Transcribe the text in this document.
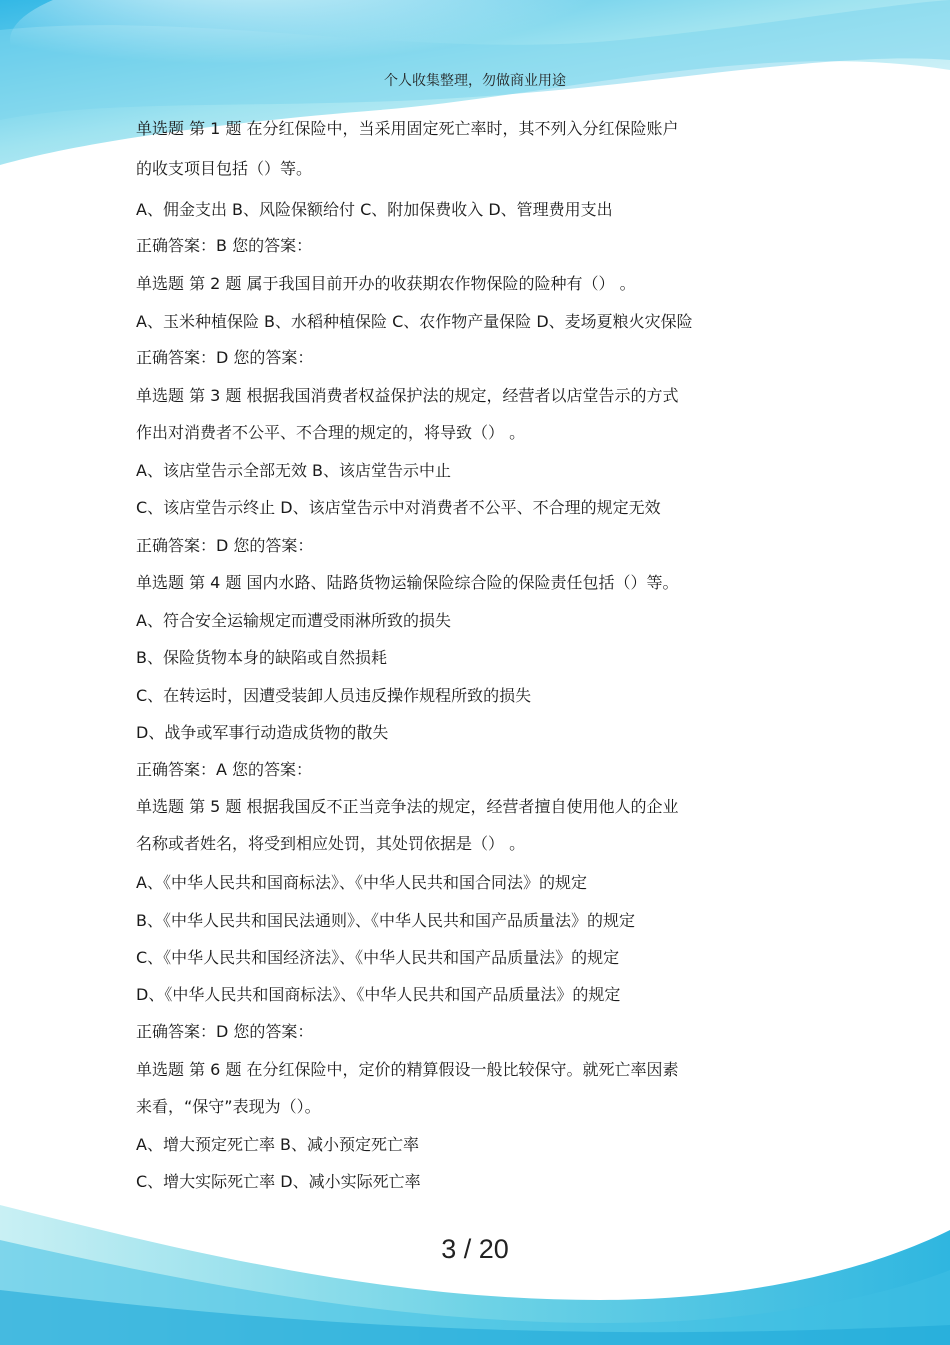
个人收集整理，勿做商业用途
单选题 第 1 题 在分红保险中，当采用固定死亡率时，其不列入分红保险账户
的收支项目包括（）等。
A、佣金支出 B、风险保额给付 C、附加保费收入 D、管理费用支出
正确答案：B 您的答案：
单选题 第 2 题 属于我国目前开办的收获期农作物保险的险种有（） 。
A、玉米种植保险 B、水稻种植保险 C、农作物产量保险 D、麦场夏粮火灾保险
正确答案：D 您的答案：
单选题 第 3 题 根据我国消费者权益保护法的规定，经营者以店堂告示的方式
作出对消费者不公平、不合理的规定的，将导致（） 。
A、该店堂告示全部无效 B、该店堂告示中止
C、该店堂告示终止 D、该店堂告示中对消费者不公平、不合理的规定无效
正确答案：D 您的答案：
单选题 第 4 题 国内水路、陆路货物运输保险综合险的保险责任包括（）等。
A、符合安全运输规定而遭受雨淋所致的损失
B、保险货物本身的缺陷或自然损耗
C、在转运时，因遭受装卸人员违反操作规程所致的损失
D、战争或军事行动造成货物的散失
正确答案：A 您的答案：
单选题 第 5 题 根据我国反不正当竞争法的规定，经营者擅自使用他人的企业
名称或者姓名，将受到相应处罚，其处罚依据是（） 。
A、《中华人民共和国商标法》、《中华人民共和国合同法》的规定
B、《中华人民共和国民法通则》、《中华人民共和国产品质量法》的规定
C、《中华人民共和国经济法》、《中华人民共和国产品质量法》的规定
D、《中华人民共和国商标法》、《中华人民共和国产品质量法》的规定
正确答案：D 您的答案：
单选题 第 6 题 在分红保险中，定价的精算假设一般比较保守。就死亡率因素
来看，“保守”表现为（）。
A、增大预定死亡率 B、减小预定死亡率
C、增大实际死亡率 D、减小实际死亡率
3 / 20
